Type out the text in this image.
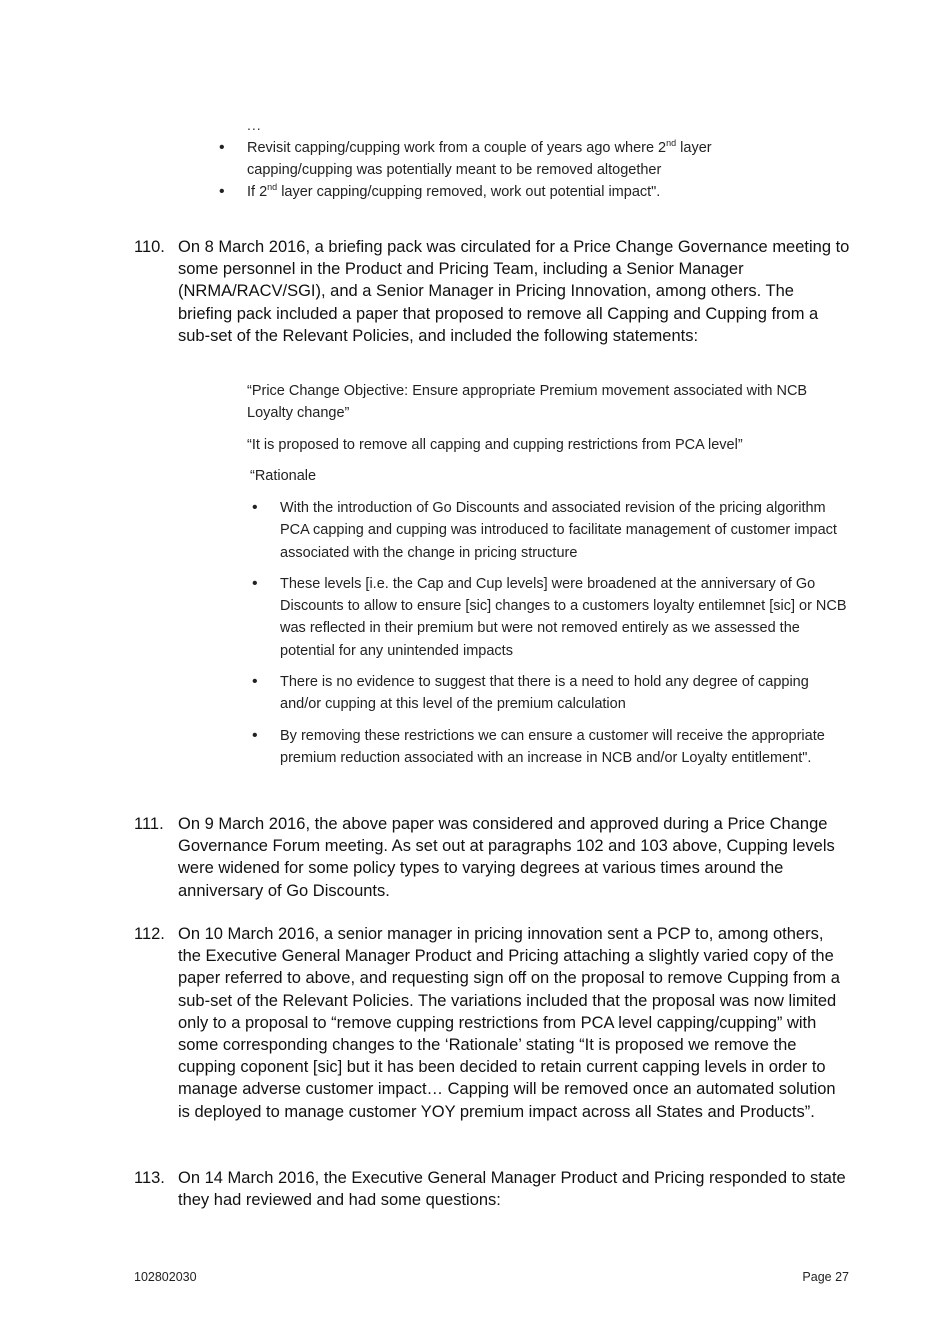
...
• Revisit capping/cupping work from a couple of years ago where 2nd layer capping/cupping was potentially meant to be removed altogether
• If 2nd layer capping/cupping removed, work out potential impact".
110. On 8 March 2016, a briefing pack was circulated for a Price Change Governance meeting to some personnel in the Product and Pricing Team, including a Senior Manager (NRMA/RACV/SGI), and a Senior Manager in Pricing Innovation, among others. The briefing pack included a paper that proposed to remove all Capping and Cupping from a sub-set of the Relevant Policies, and included the following statements:
“Price Change Objective: Ensure appropriate Premium movement associated with NCB Loyalty change”
“It is proposed to remove all capping and cupping restrictions from PCA level”
“Rationale
• With the introduction of Go Discounts and associated revision of the pricing algorithm PCA capping and cupping was introduced to facilitate management of customer impact associated with the change in pricing structure
• These levels [i.e. the Cap and Cup levels] were broadened at the anniversary of Go Discounts to allow to ensure [sic] changes to a customers loyalty entilemnet [sic] or NCB was reflected in their premium but were not removed entirely as we assessed the potential for any unintended impacts
• There is no evidence to suggest that there is a need to hold any degree of capping and/or cupping at this level of the premium calculation
• By removing these restrictions we can ensure a customer will receive the appropriate premium reduction associated with an increase in NCB and/or Loyalty entitlement".
111. On 9 March 2016, the above paper was considered and approved during a Price Change Governance Forum meeting. As set out at paragraphs 102 and 103 above, Cupping levels were widened for some policy types to varying degrees at various times around the anniversary of Go Discounts.
112. On 10 March 2016, a senior manager in pricing innovation sent a PCP to, among others, the Executive General Manager Product and Pricing attaching a slightly varied copy of the paper referred to above, and requesting sign off on the proposal to remove Cupping from a sub-set of the Relevant Policies. The variations included that the proposal was now limited only to a proposal to “remove cupping restrictions from PCA level capping/cupping” with some corresponding changes to the ‘Rationale’ stating “It is proposed we remove the cupping coponent [sic] but it has been decided to retain current capping levels in order to manage adverse customer impact… Capping will be removed once an automated solution is deployed to manage customer YOY premium impact across all States and Products”.
113. On 14 March 2016, the Executive General Manager Product and Pricing responded to state they had reviewed and had some questions:
102802030	Page 27
